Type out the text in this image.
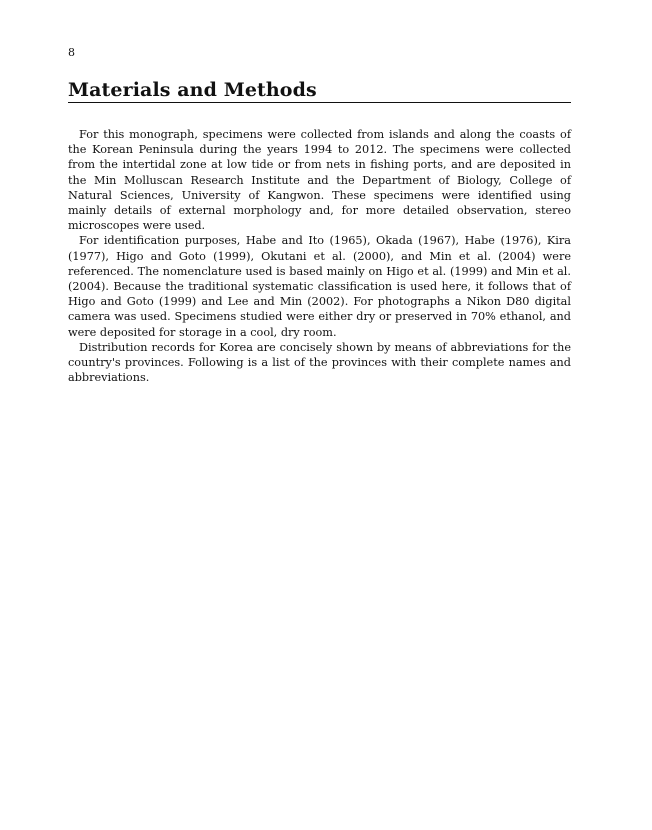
8
Materials and Methods

For this monograph, specimens were collected from islands and along the coasts of the Korean Peninsula during the years 1994 to 2012. The specimens were collected from the intertidal zone at low tide or from nets in fishing ports, and are deposited in the Min Molluscan Research Institute and the Department of Biology, College of Natural Sciences, University of Kangwon. These specimens were identified using mainly details of external morphology and, for more detailed observation, stereo microscopes were used.

For identification purposes, Habe and Ito (1965), Okada (1967), Habe (1976), Kira (1977), Higo and Goto (1999), Okutani et al. (2000), and Min et al. (2004) were referenced. The nomenclature used is based mainly on Higo et al. (1999) and Min et al. (2004). Because the traditional systematic classification is used here, it follows that of Higo and Goto (1999) and Lee and Min (2002). For photographs a Nikon D80 digital camera was used. Specimens studied were either dry or preserved in 70% ethanol, and were deposited for storage in a cool, dry room.

Distribution records for Korea are concisely shown by means of abbreviations for the country's provinces. Following is a list of the provinces with their complete names and abbreviations.
